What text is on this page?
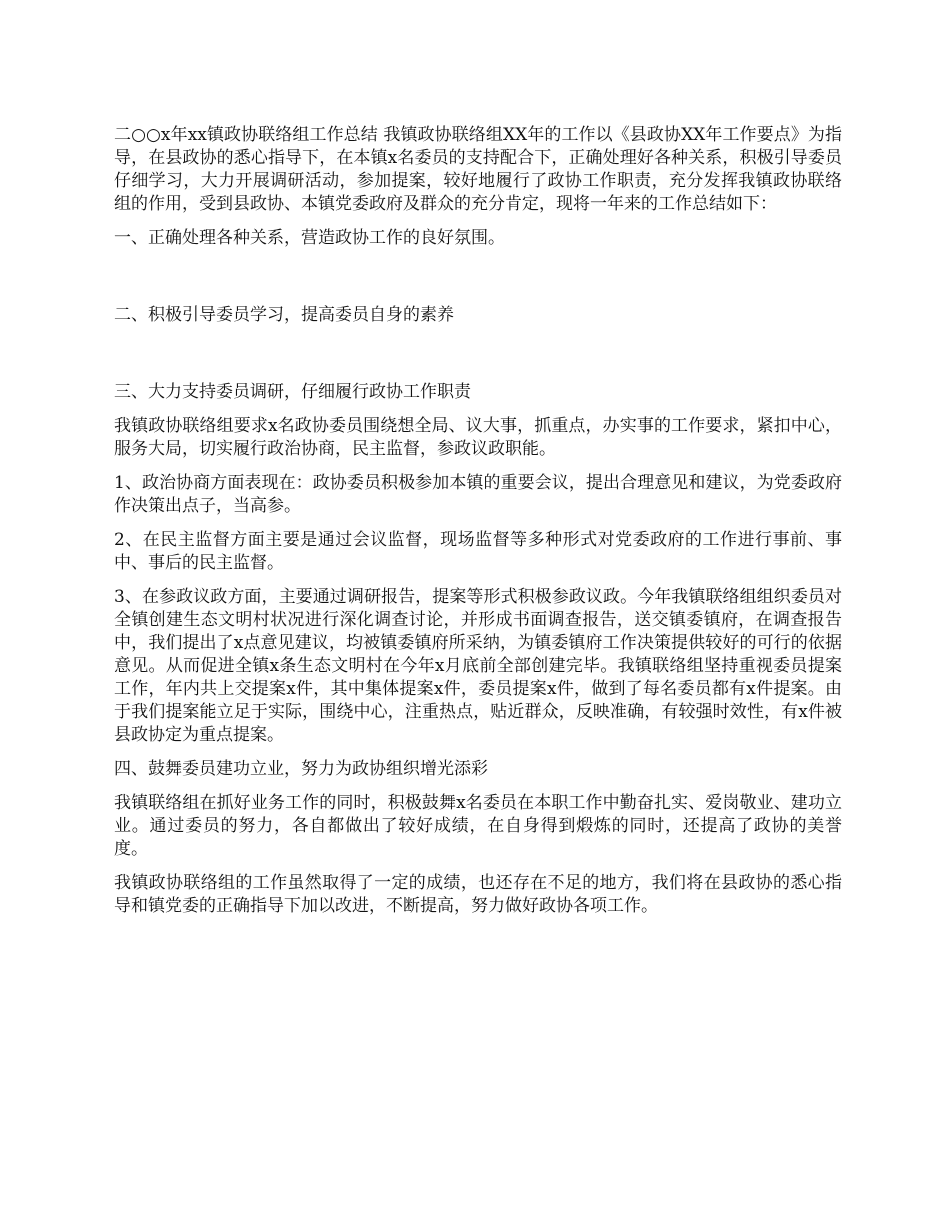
二○○x年xx镇政协联络组工作总结 我镇政协联络组XX年的工作以《县政协XX年工作要点》为指导，在县政协的悉心指导下，在本镇x名委员的支持配合下，正确处理好各种关系，积极引导委员仔细学习，大力开展调研活动，参加提案，较好地履行了政协工作职责，充分发挥我镇政协联络组的作用，受到县政协、本镇党委政府及群众的充分肯定，现将一年来的工作总结如下：

一、正确处理各种关系，营造政协工作的良好氛围。

二、积极引导委员学习，提高委员自身的素养

三、大力支持委员调研，仔细履行政协工作职责

我镇政协联络组要求x名政协委员围绕想全局、议大事，抓重点，办实事的工作要求，紧扣中心，服务大局，切实履行政治协商，民主监督，参政议政职能。

1、政治协商方面表现在：政协委员积极参加本镇的重要会议，提出合理意见和建议，为党委政府作决策出点子，当高参。

2、在民主监督方面主要是通过会议监督，现场监督等多种形式对党委政府的工作进行事前、事中、事后的民主监督。

3、在参政议政方面，主要通过调研报告，提案等形式积极参政议政。今年我镇联络组组织委员对全镇创建生态文明村状况进行深化调查讨论，并形成书面调查报告，送交镇委镇府，在调查报告中，我们提出了x点意见建议，均被镇委镇府所采纳，为镇委镇府工作决策提供较好的可行的依据意见。从而促进全镇x条生态文明村在今年x月底前全部创建完毕。我镇联络组坚持重视委员提案工作，年内共上交提案x件，其中集体提案x件，委员提案x件，做到了每名委员都有x件提案。由于我们提案能立足于实际，围绕中心，注重热点，贴近群众，反映准确，有较强时效性，有x件被县政协定为重点提案。

四、鼓舞委员建功立业，努力为政协组织增光添彩

我镇联络组在抓好业务工作的同时，积极鼓舞x名委员在本职工作中勤奋扎实、爱岗敬业、建功立业。通过委员的努力，各自都做出了较好成绩，在自身得到煅炼的同时，还提高了政协的美誉度。

我镇政协联络组的工作虽然取得了一定的成绩，也还存在不足的地方，我们将在县政协的悉心指导和镇党委的正确指导下加以改进，不断提高，努力做好政协各项工作。
